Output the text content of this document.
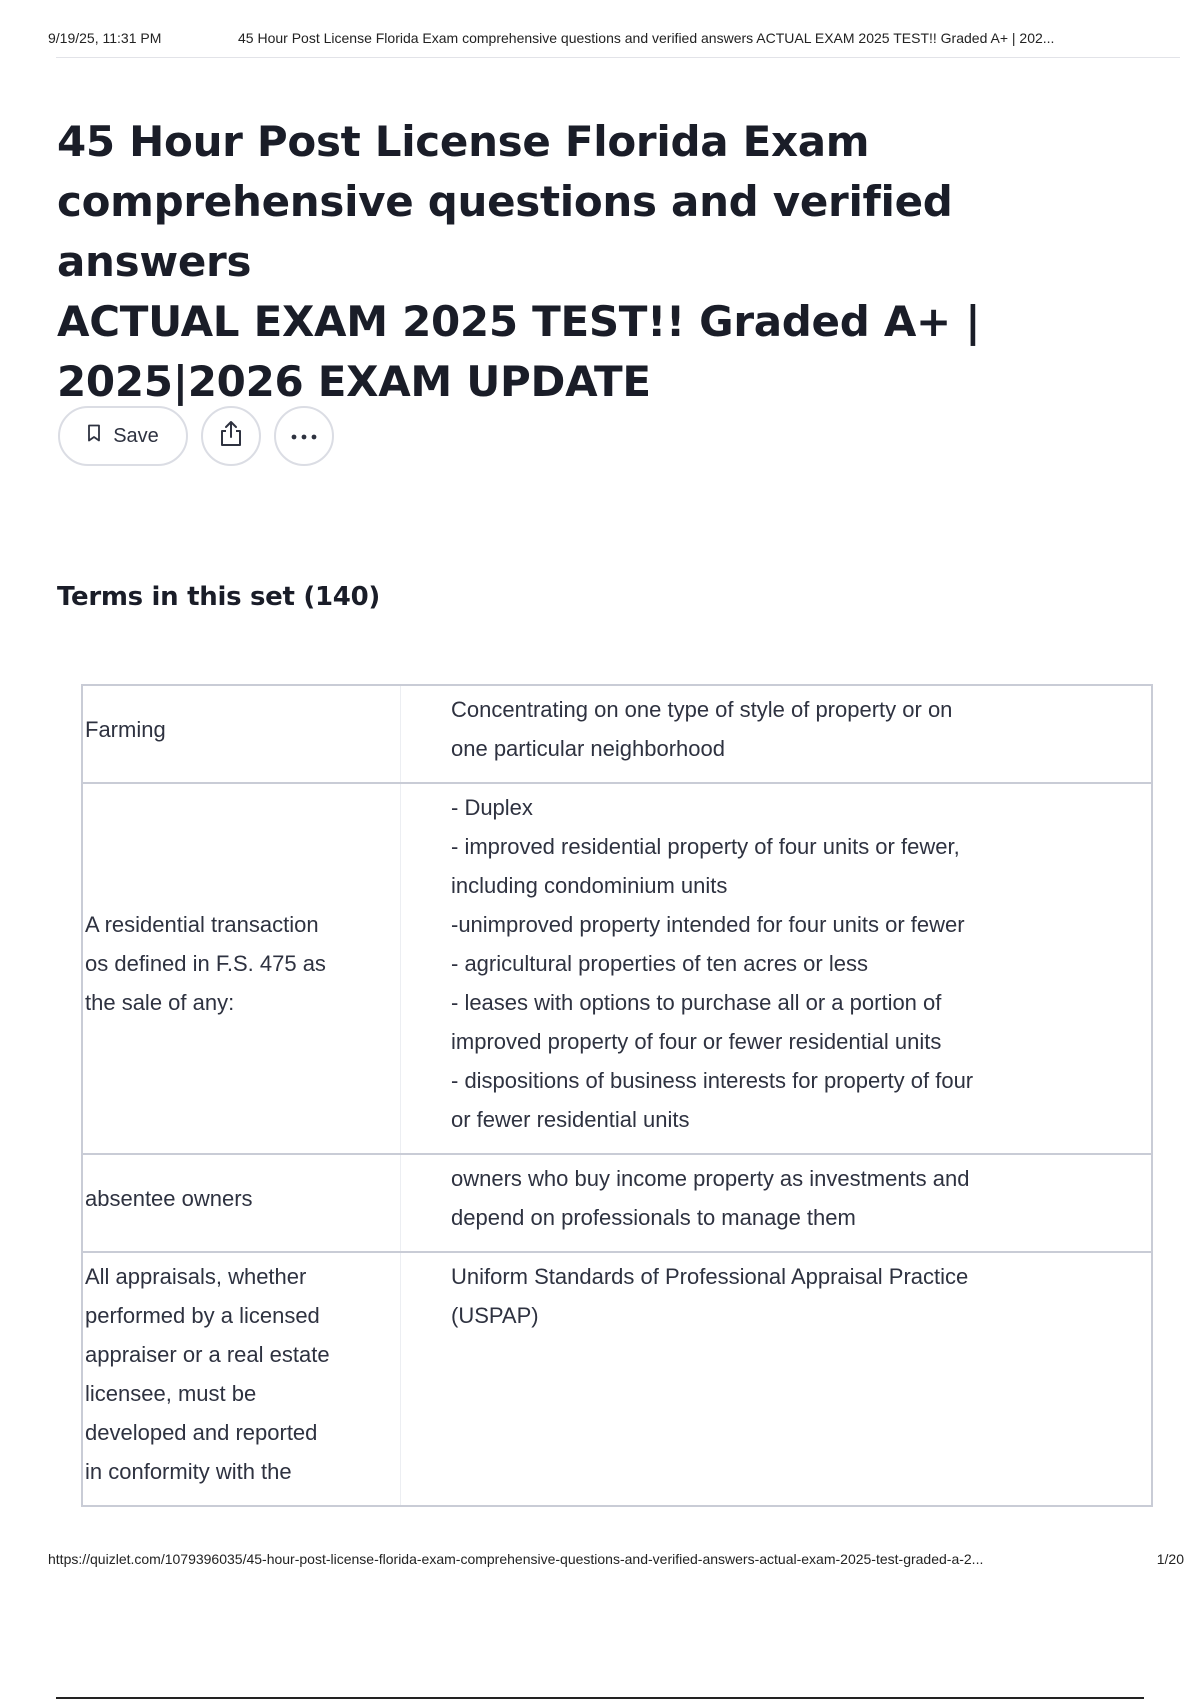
9/19/25, 11:31 PM	45 Hour Post License Florida Exam comprehensive questions and verified answers ACTUAL EXAM 2025 TEST!! Graded A+ | 202...
45 Hour Post License Florida Exam
comprehensive questions and verified answers
ACTUAL EXAM 2025 TEST!! Graded A+ |
2025|2026 EXAM UPDATE
Save
Terms in this set (140)
Farming
Concentrating on one type of style of property or on
one particular neighborhood
A residential transaction
os defined in F.S. 475 as
the sale of any:
- Duplex
- improved residential property of four units or fewer,
including condominium units
-unimproved property intended for four units or fewer
- agricultural properties of ten acres or less
- leases with options to purchase all or a portion of
improved property of four or fewer residential units
- dispositions of business interests for property of four
or fewer residential units
absentee owners
owners who buy income property as investments and
depend on professionals to manage them
All appraisals, whether
performed by a licensed
appraiser or a real estate
licensee, must be
developed and reported
in conformity with the
Uniform Standards of Professional Appraisal Practice
(USPAP)
https://quizlet.com/1079396035/45-hour-post-license-florida-exam-comprehensive-questions-and-verified-answers-actual-exam-2025-test-graded-a-2...	1/20
